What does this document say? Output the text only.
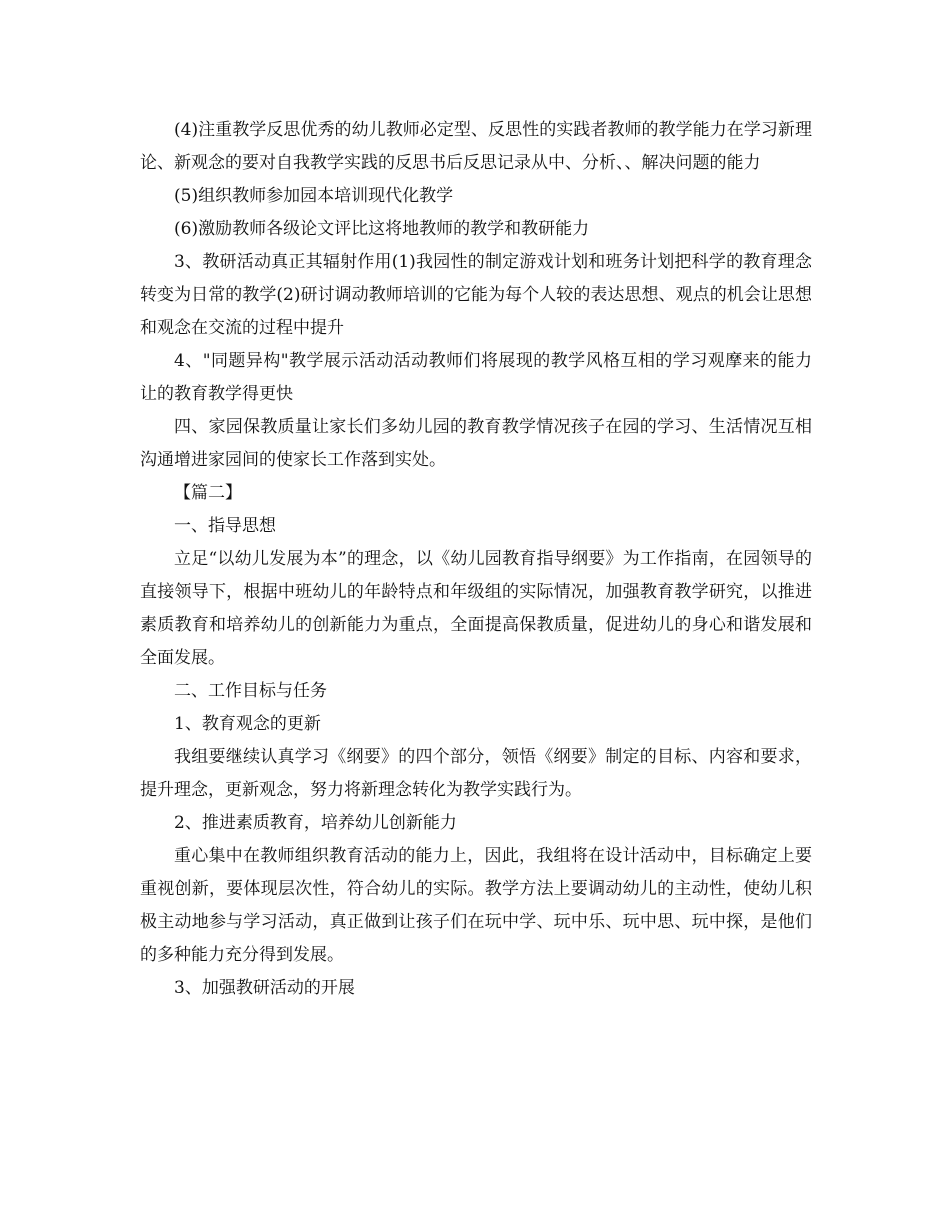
(4)注重教学反思优秀的幼儿教师必定型、反思性的实践者教师的教学能力在学习新理论、新观念的要对自我教学实践的反思书后反思记录从中、分析、、解决问题的能力

(5)组织教师参加园本培训现代化教学

(6)激励教师各级论文评比这将地教师的教学和教研能力

3、教研活动真正其辐射作用(1)我园性的制定游戏计划和班务计划把科学的教育理念转变为日常的教学(2)研讨调动教师培训的它能为每个人较的表达思想、观点的机会让思想和观念在交流的过程中提升

4、"同题异构"教学展示活动活动教师们将展现的教学风格互相的学习观摩来的能力让的教育教学得更快

四、家园保教质量让家长们多幼儿园的教育教学情况孩子在园的学习、生活情况互相沟通增进家园间的使家长工作落到实处。

【篇二】

一、指导思想

立足“以幼儿发展为本”的理念，以《幼儿园教育指导纲要》为工作指南，在园领导的直接领导下，根据中班幼儿的年龄特点和年级组的实际情况，加强教育教学研究，以推进素质教育和培养幼儿的创新能力为重点，全面提高保教质量，促进幼儿的身心和谐发展和全面发展。

二、工作目标与任务

1、教育观念的更新

我组要继续认真学习《纲要》的四个部分，领悟《纲要》制定的目标、内容和要求，提升理念，更新观念，努力将新理念转化为教学实践行为。

2、推进素质教育，培养幼儿创新能力

重心集中在教师组织教育活动的能力上，因此，我组将在设计活动中，目标确定上要重视创新，要体现层次性，符合幼儿的实际。教学方法上要调动幼儿的主动性，使幼儿积极主动地参与学习活动，真正做到让孩子们在玩中学、玩中乐、玩中思、玩中探，是他们的多种能力充分得到发展。

3、加强教研活动的开展
